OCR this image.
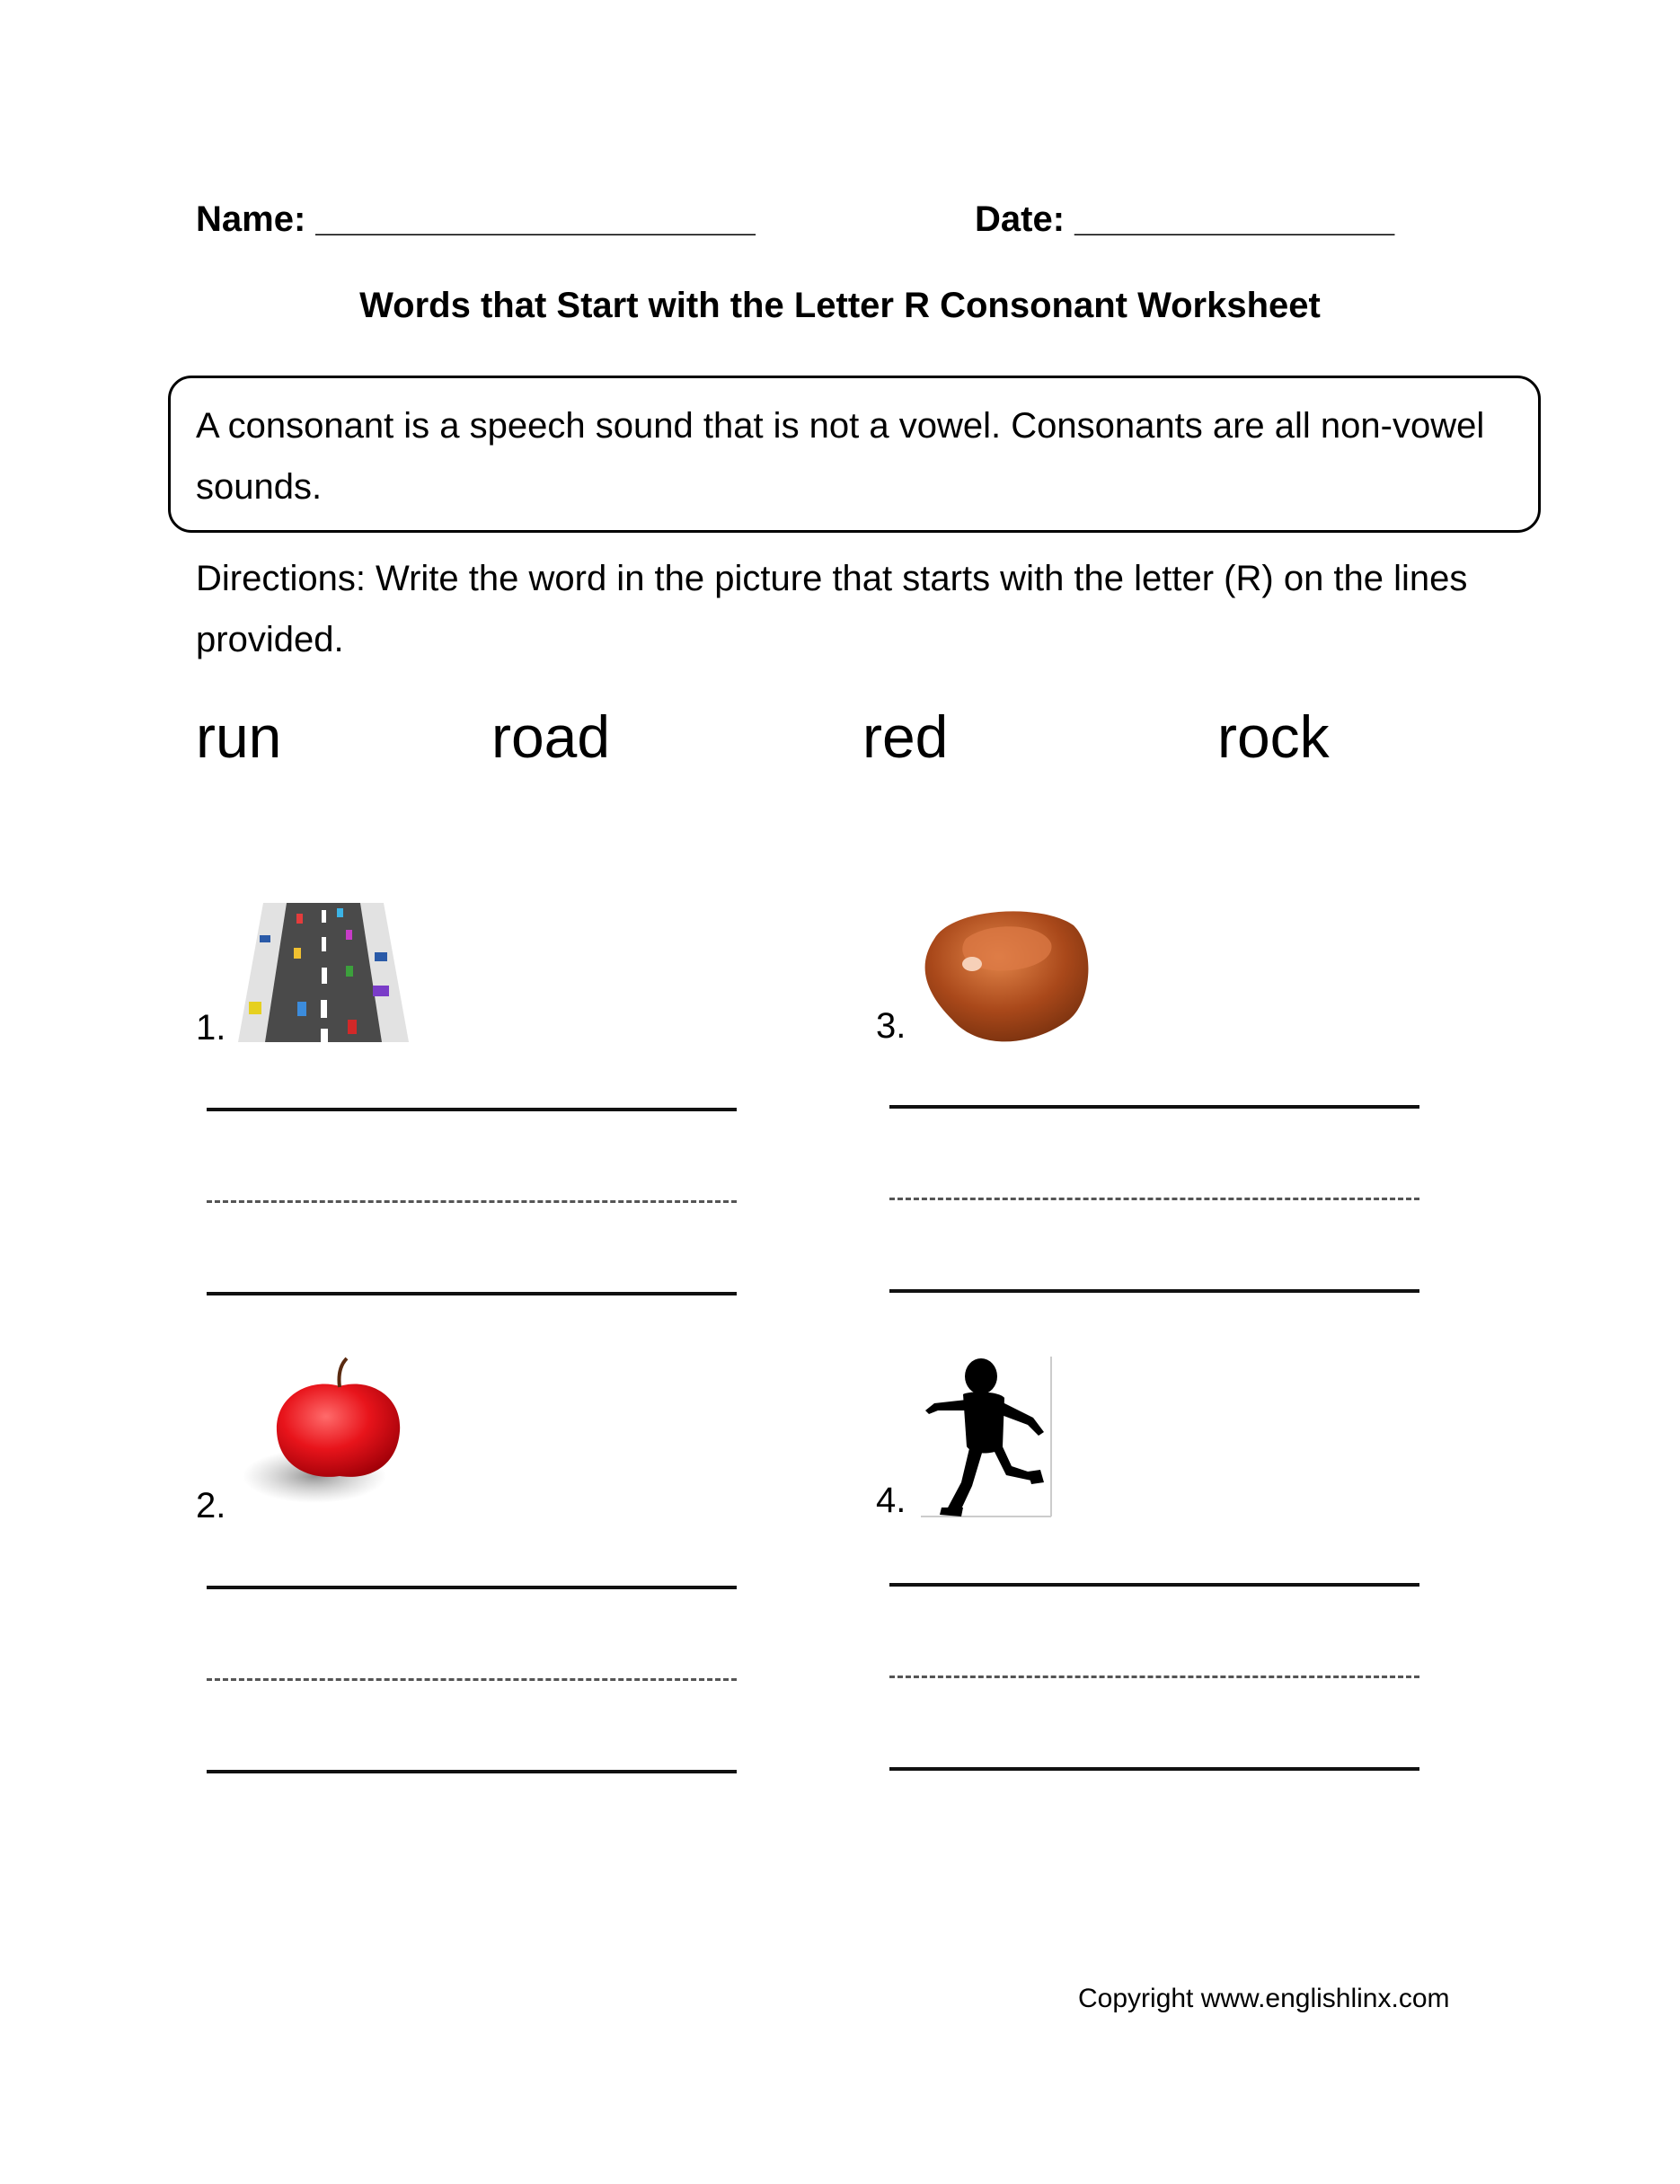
Name: ______________________	Date: ________________
Words that Start with the Letter R Consonant Worksheet
A consonant is a speech sound that is not a vowel. Consonants are all non-vowel sounds.
Directions: Write the word in the picture that starts with the letter (R) on the lines provided.
run	road	red	rock
1.
2.
3.
4.
Copyright www.englishlinx.com
